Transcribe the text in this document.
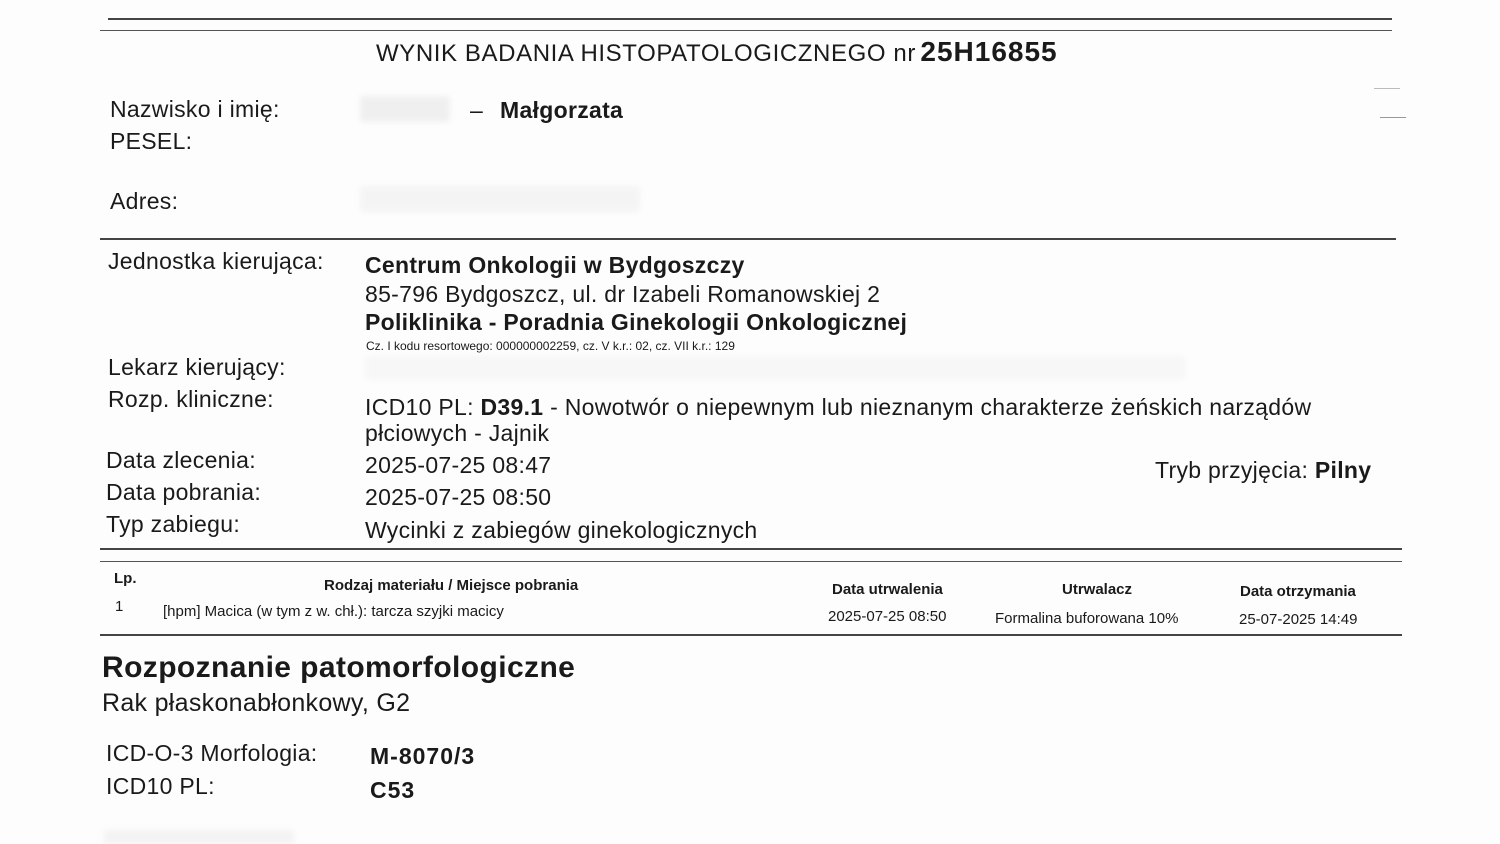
WYNIK BADANIA HISTOPATOLOGICZNEGO nr 25H16855
Nazwisko i imię:	– Małgorzata
PESEL:
Adres:
Jednostka kierująca: Centrum Onkologii w Bydgoszczy
85-796 Bydgoszcz, ul. dr Izabeli Romanowskiej 2
Poliklinika - Poradnia Ginekologii Onkologicznej
Cz. I kodu resortowego: 000000002259, cz. V k.r.: 02, cz. VII k.r.: 129
Lekarz kierujący:
Rozp. kliniczne:	ICD10 PL: D39.1 - Nowotwór o niepewnym lub nieznanym charakterze żeńskich narządów
płciowych - Jajnik
Data zlecenia:	2025-07-25 08:47	Tryb przyjęcia: Pilny
Data pobrania:	2025-07-25 08:50
Typ zabiegu:	Wycinki z zabiegów ginekologicznych
Lp.	Rodzaj materiału / Miejsce pobrania	Data utrwalenia	Utrwalacz	Data otrzymania
1	[hpm] Macica (w tym z w. chł.): tarcza szyjki macicy	2025-07-25 08:50	Formalina buforowana 10%	25-07-2025 14:49
Rozpoznanie patomorfologiczne
Rak płaskonabłonkowy, G2
ICD-O-3 Morfologia: M-8070/3
ICD10 PL:	C53
